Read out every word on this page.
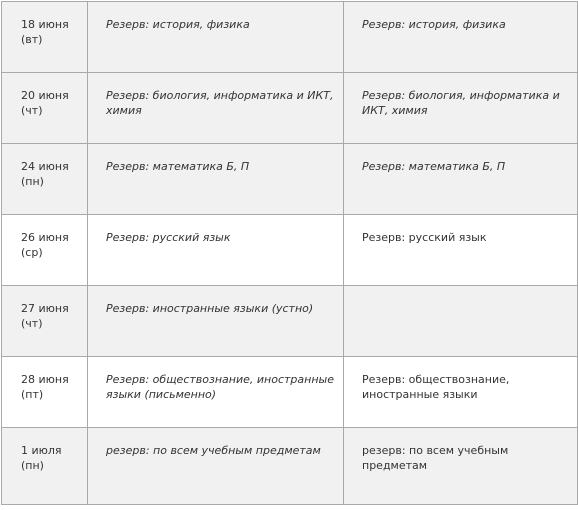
18 июня (вт)	Резерв: история, физика	Резерв: история, физика
20 июня (чт)	Резерв: биология, информатика и ИКТ, химия	Резерв: биология, информатика и ИКТ, химия
24 июня (пн)	Резерв: математика Б, П	Резерв: математика Б, П
26 июня (ср)	Резерв: русский язык	Резерв: русский язык
27 июня (чт)	Резерв: иностранные языки (устно)	
28 июня (пт)	Резерв: обществознание, иностранные языки (письменно)	Резерв: обществознание, иностранные языки
1 июля (пн)	резерв: по всем учебным предметам	резерв: по всем учебным предметам
